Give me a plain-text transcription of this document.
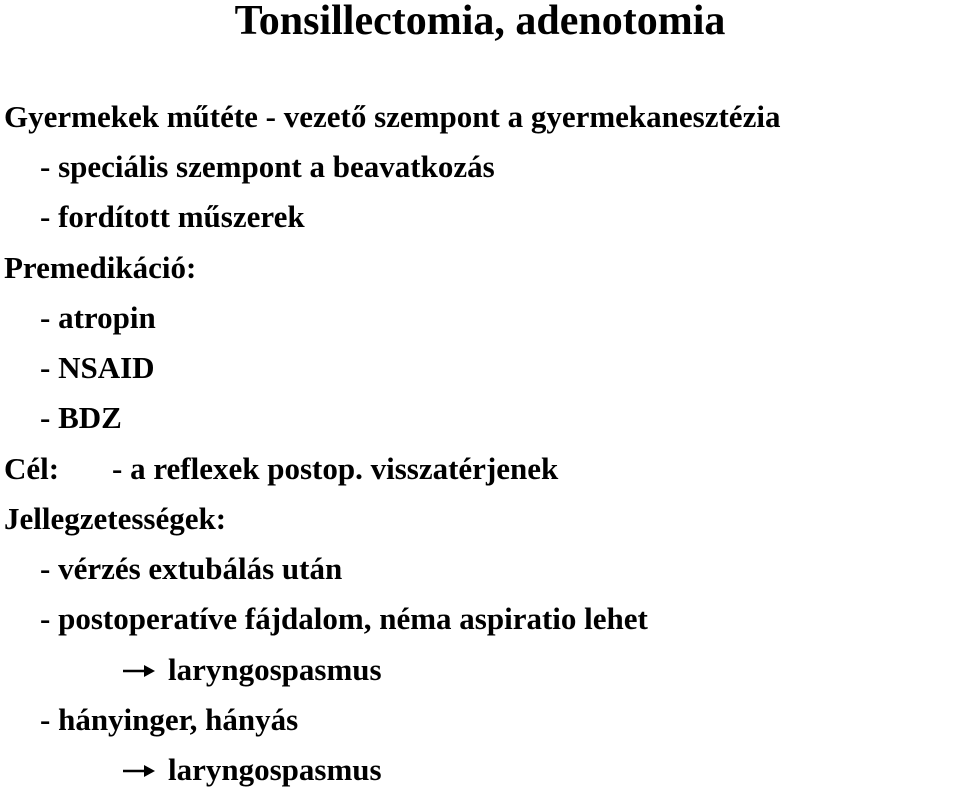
Tonsillectomia, adenotomia
Gyermekek műtéte - vezető szempont a gyermekanesztézia
- speciális szempont a beavatkozás
- fordított műszerek
Premedikáció:
- atropin
- NSAID
- BDZ
Cél: - a reflexek postop. visszatérjenek
Jellegzetességek:
- vérzés extubálás után
- postoperatíve fájdalom, néma aspiratio lehet
laryngospasmus
- hányinger, hányás
laryngospasmus
